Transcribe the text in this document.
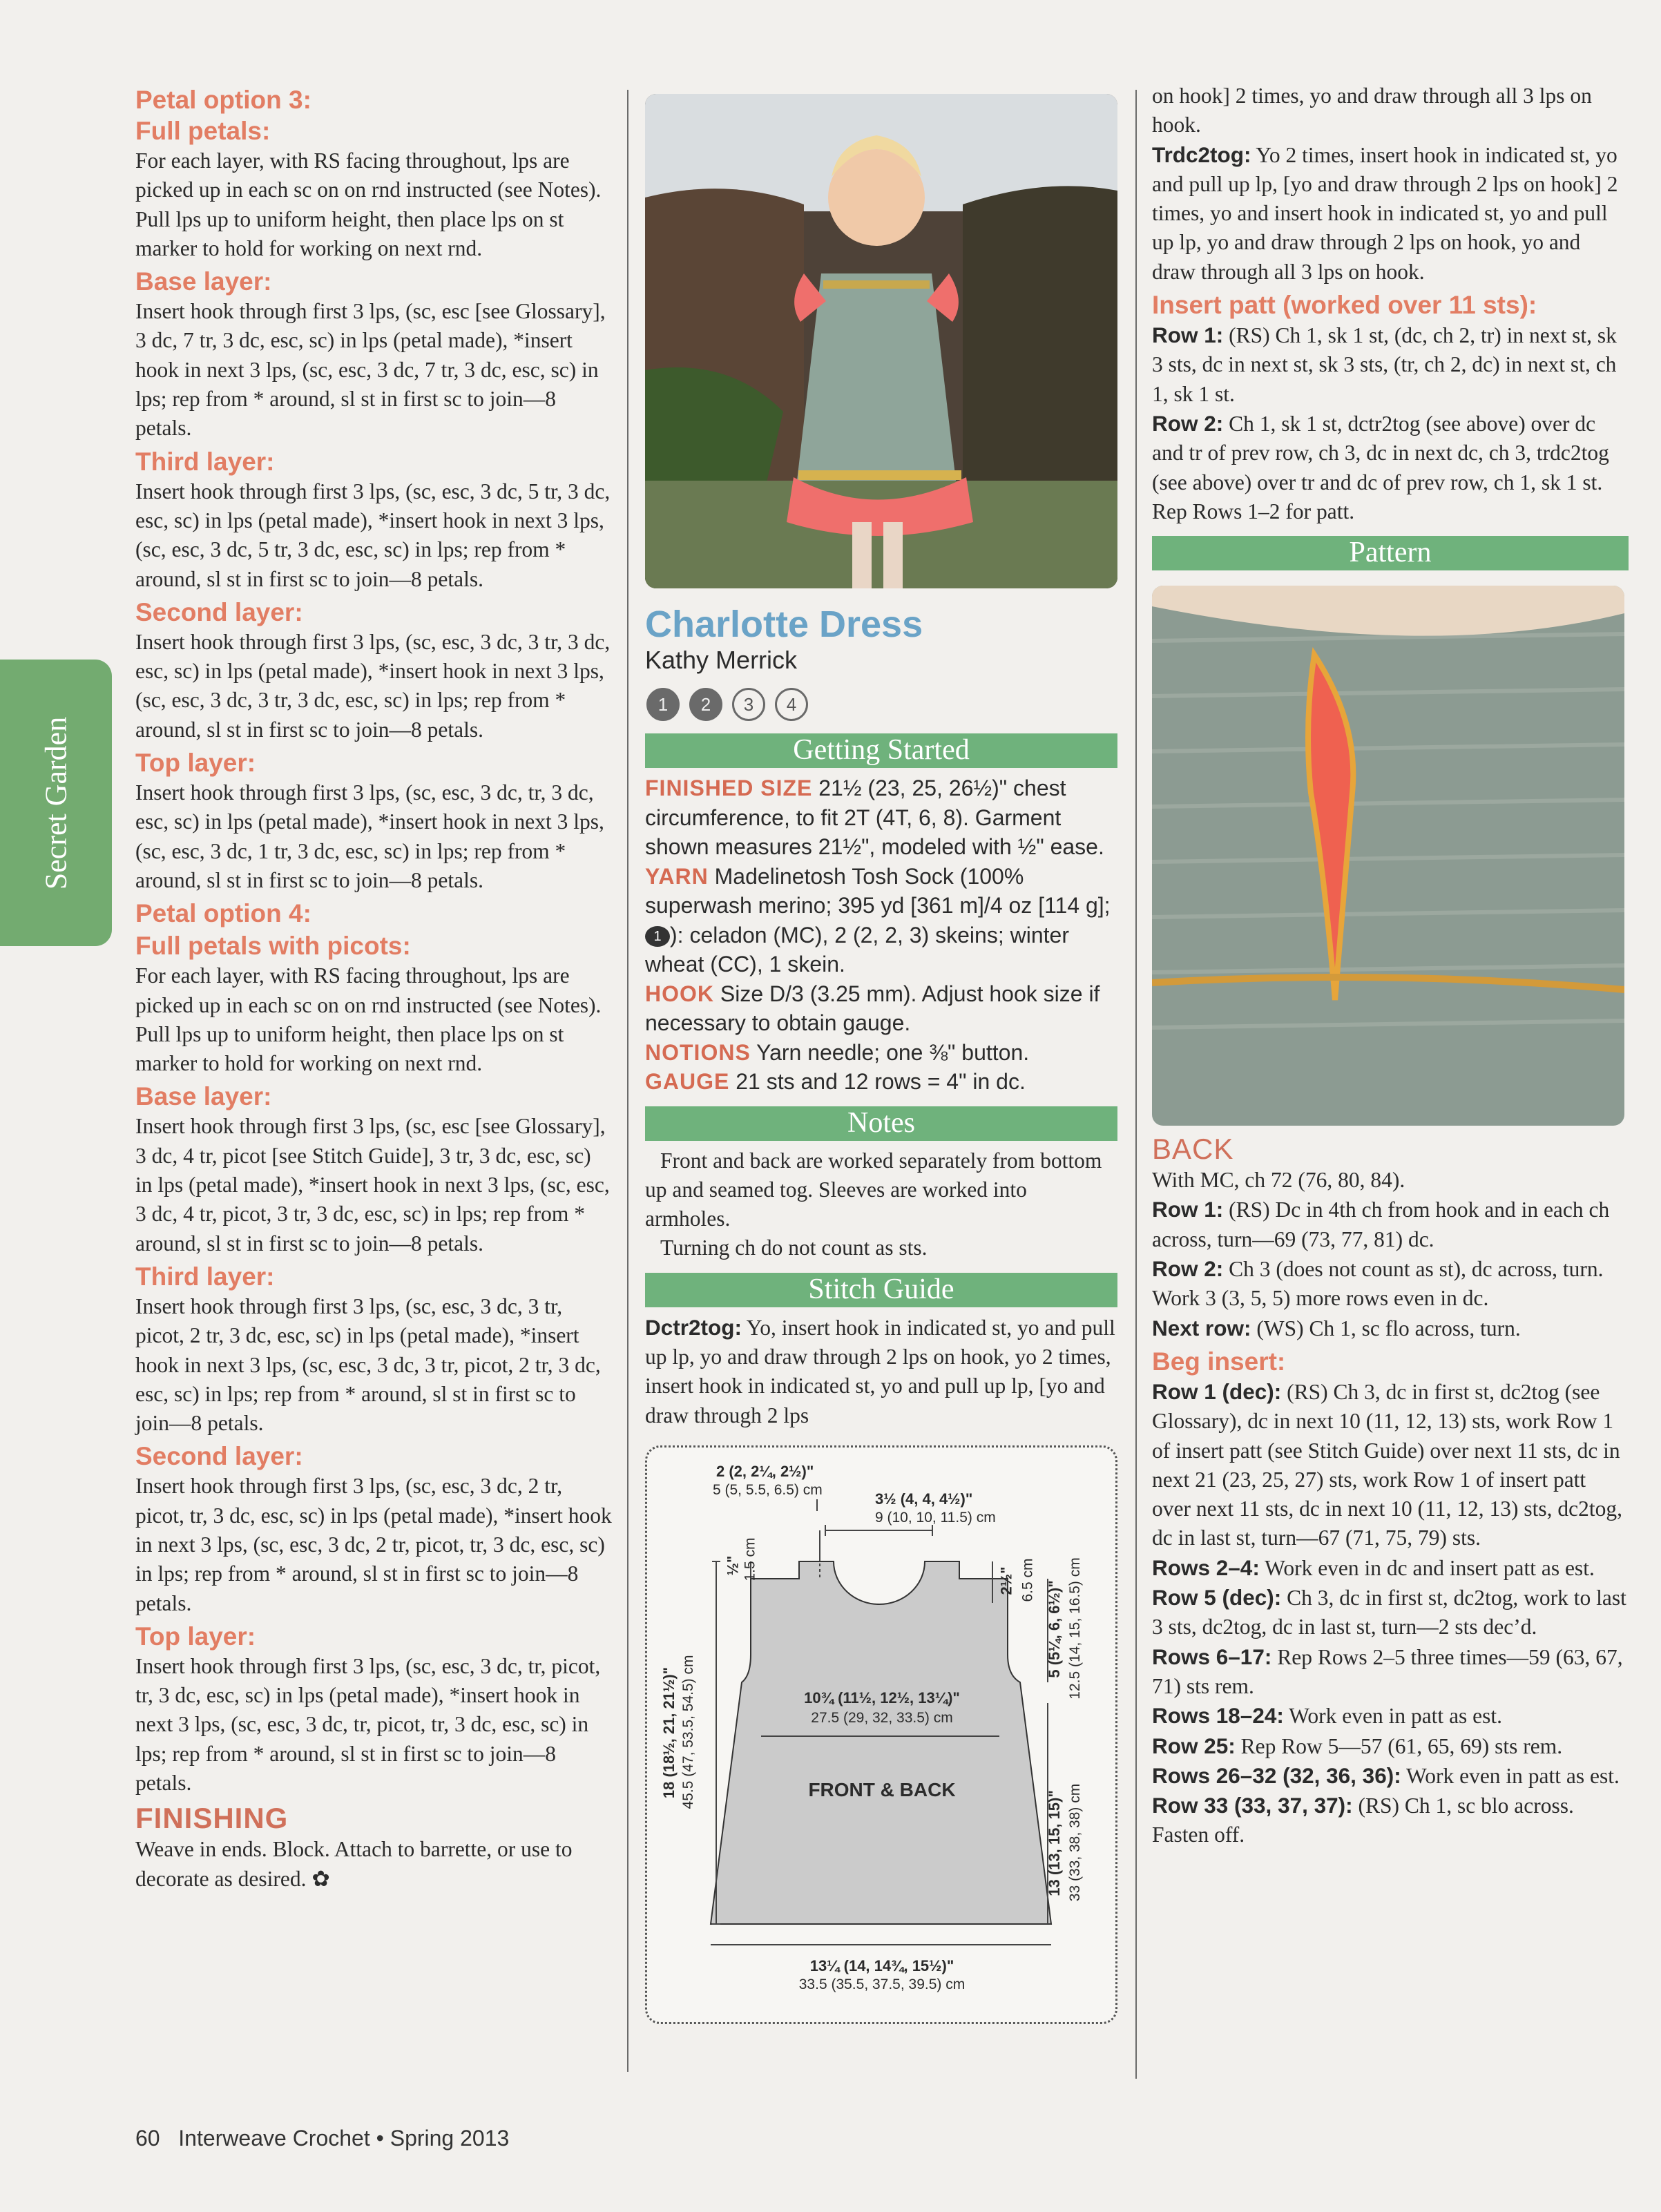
Secret Garden
Petal option 3:
Full petals:

For each layer, with RS facing throughout, lps are picked up in each sc on on rnd instructed (see Notes). Pull lps up to uniform height, then place lps on st marker to hold for working on next rnd.

Base layer:

Insert hook through first 3 lps, (sc, esc [see Glossary], 3 dc, 7 tr, 3 dc, esc, sc) in lps (petal made), *insert hook in next 3 lps, (sc, esc, 3 dc, 7 tr, 3 dc, esc, sc) in lps; rep from * around, sl st in first sc to join—8 petals.

Third layer:

Insert hook through first 3 lps, (sc, esc, 3 dc, 5 tr, 3 dc, esc, sc) in lps (petal made), *insert hook in next 3 lps, (sc, esc, 3 dc, 5 tr, 3 dc, esc, sc) in lps; rep from * around, sl st in first sc to join—8 petals.

Second layer:

Insert hook through first 3 lps, (sc, esc, 3 dc, 3 tr, 3 dc, esc, sc) in lps (petal made), *insert hook in next 3 lps, (sc, esc, 3 dc, 3 tr, 3 dc, esc, sc) in lps; rep from * around, sl st in first sc to join—8 petals.

Top layer:

Insert hook through first 3 lps, (sc, esc, 3 dc, tr, 3 dc, esc, sc) in lps (petal made), *insert hook in next 3 lps, (sc, esc, 3 dc, 1 tr, 3 dc, esc, sc) in lps; rep from * around, sl st in first sc to join—8 petals.

Petal option 4:
Full petals with picots:

For each layer, with RS facing throughout, lps are picked up in each sc on on rnd instructed (see Notes). Pull lps up to uniform height, then place lps on st marker to hold for working on next rnd.

Base layer:

Insert hook through first 3 lps, (sc, esc [see Glossary], 3 dc, 4 tr, picot [see Stitch Guide], 3 tr, 3 dc, esc, sc) in lps (petal made), *insert hook in next 3 lps, (sc, esc, 3 dc, 4 tr, picot, 3 tr, 3 dc, esc, sc) in lps; rep from * around, sl st in first sc to join—8 petals.

Third layer:

Insert hook through first 3 lps, (sc, esc, 3 dc, 3 tr, picot, 2 tr, 3 dc, esc, sc) in lps (petal made), *insert hook in next 3 lps, (sc, esc, 3 dc, 3 tr, picot, 2 tr, 3 dc, esc, sc) in lps; rep from * around, sl st in first sc to join—8 petals.

Second layer:

Insert hook through first 3 lps, (sc, esc, 3 dc, 2 tr, picot, tr, 3 dc, esc, sc) in lps (petal made), *insert hook in next 3 lps, (sc, esc, 3 dc, 2 tr, picot, tr, 3 dc, esc, sc) in lps; rep from * around, sl st in first sc to join—8 petals.

Top layer:

Insert hook through first 3 lps, (sc, esc, 3 dc, tr, picot, tr, 3 dc, esc, sc) in lps (petal made), *insert hook in next 3 lps, (sc, esc, 3 dc, tr, picot, tr, 3 dc, esc, sc) in lps; rep from * around, sl st in first sc to join—8 petals.

FINISHING

Weave in ends. Block. Attach to barrette, or use to decorate as desired. ✿

Charlotte Dress
Kathy Merrick
1	2	3	4
Getting Started

FINISHED SIZE 21½ (23, 25, 26½)" chest circumference, to fit 2T (4T, 6, 8). Garment shown measures 21½", modeled with ½" ease.

YARN Madelinetosh Tosh Sock (100% superwash merino; 395 yd [361 m]/4 oz [114 g]; 1 ): celadon (MC), 2 (2, 2, 3) skeins; winter wheat (CC), 1 skein.

HOOK Size D/3 (3.25 mm). Adjust hook size if necessary to obtain gauge.

NOTIONS Yarn needle; one ⅜" button.

GAUGE 21 sts and 12 rows = 4" in dc.

Notes

Front and back are worked separately from bottom up and seamed tog. Sleeves are worked into armholes.

Turning ch do not count as sts.

Stitch Guide

Dctr2tog: Yo, insert hook in indicated st, yo and pull up lp, yo and draw through 2 lps on hook, yo 2 times, insert hook in indicated st, yo and pull up lp, [yo and draw through 2 lps

2 (2, 2¼, 2½)"
5 (5, 5.5, 6.5) cm
3½ (4, 4, 4½)"
9 (10, 10, 11.5) cm
10¾ (11½, 12½, 13¼)"
27.5 (29, 32, 33.5) cm
FRONT & BACK
13¼ (14, 14¾, 15½)"
33.5 (35.5, 37.5, 39.5) cm
18 (18½, 21, 21½)" 45.5 (47, 53.5, 54.5) cm
½" 1.5 cm	2½" 6.5 cm
5 (5¼, 6, 6½)" 12.5 (14, 15, 16.5) cm
13 (13, 15, 15)" 33 (33, 38, 38) cm

on hook] 2 times, yo and draw through all 3 lps on hook.

Trdc2tog: Yo 2 times, insert hook in indicated st, yo and pull up lp, [yo and draw through 2 lps on hook] 2 times, yo and insert hook in indicated st, yo and pull up lp, yo and draw through 2 lps on hook, yo and draw through all 3 lps on hook.

Insert patt (worked over 11 sts):

Row 1: (RS) Ch 1, sk 1 st, (dc, ch 2, tr) in next st, sk 3 sts, dc in next st, sk 3 sts, (tr, ch 2, dc) in next st, ch 1, sk 1 st.

Row 2: Ch 1, sk 1 st, dctr2tog (see above) over dc and tr of prev row, ch 3, dc in next dc, ch 3, trdc2tog (see above) over tr and dc of prev row, ch 1, sk 1 st.

Rep Rows 1–2 for patt.

Pattern
BACK

With MC, ch 72 (76, 80, 84).

Row 1: (RS) Dc in 4th ch from hook and in each ch across, turn—69 (73, 77, 81) dc.

Row 2: Ch 3 (does not count as st), dc across, turn.

Work 3 (3, 5, 5) more rows even in dc.

Next row: (WS) Ch 1, sc flo across, turn.

Beg insert:

Row 1 (dec): (RS) Ch 3, dc in first st, dc2tog (see Glossary), dc in next 10 (11, 12, 13) sts, work Row 1 of insert patt (see Stitch Guide) over next 11 sts, dc in next 21 (23, 25, 27) sts, work Row 1 of insert patt over next 11 sts, dc in next 10 (11, 12, 13) sts, dc2tog, dc in last st, turn—67 (71, 75, 79) sts.

Rows 2–4: Work even in dc and insert patt as est.

Row 5 (dec): Ch 3, dc in first st, dc2tog, work to last 3 sts, dc2tog, dc in last st, turn—2 sts dec’d.

Rows 6–17: Rep Rows 2–5 three times—59 (63, 67, 71) sts rem.

Rows 18–24: Work even in patt as est.

Row 25: Rep Row 5—57 (61, 65, 69) sts rem.

Rows 26–32 (32, 36, 36): Work even in patt as est.

Row 33 (33, 37, 37): (RS) Ch 1, sc blo across. Fasten off.

60 Interweave Crochet • Spring 2013
